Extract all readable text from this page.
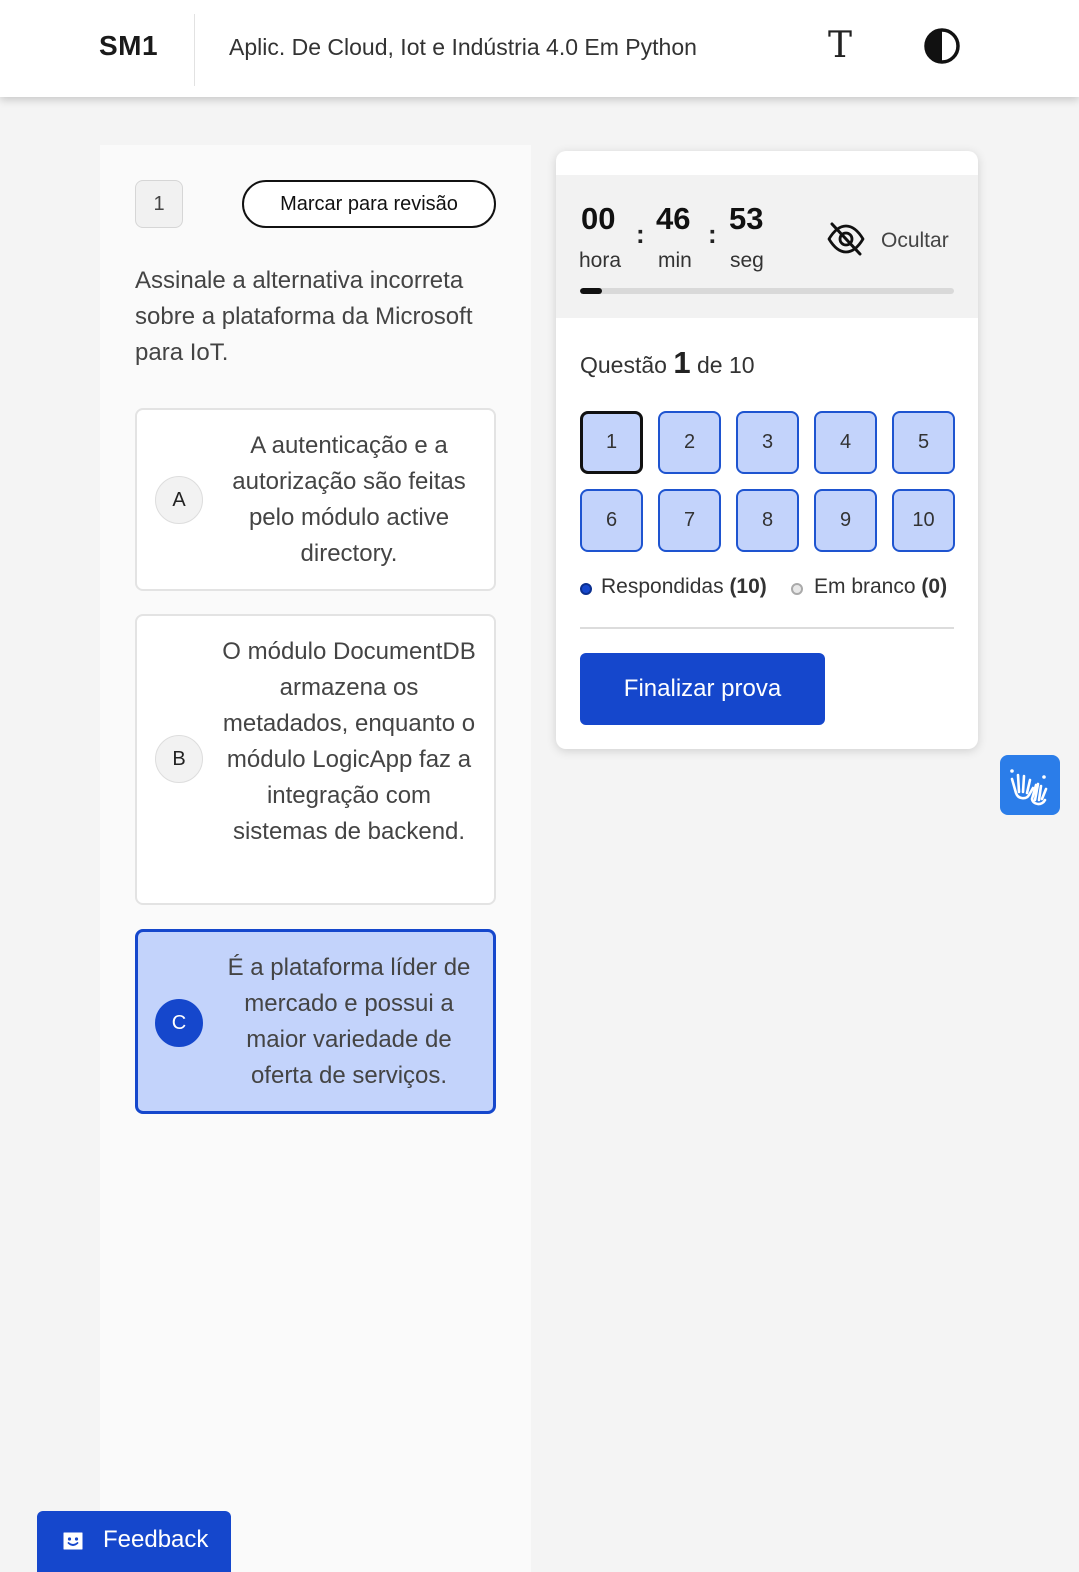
SM1	Aplic. De Cloud, Iot e Indústria 4.0 Em Python	T
1	Marcar para revisão
Assinale a alternativa incorreta sobre a plataforma da Microsoft para IoT.
A
A autenticação e a autorização são feitas pelo módulo active directory.
B
O módulo DocumentDB armazena os metadados, enquanto o módulo LogicApp faz a integração com sistemas de backend.
C
É a plataforma líder de mercado e possui a maior variedade de oferta de serviços.
00
hora
: 46
min
: 53
seg
Ocultar
Questão 1 de 10
1	2	3	4	5
6	7	8	9	10
Respondidas (10) Em branco (0)
Finalizar prova
Feedback
